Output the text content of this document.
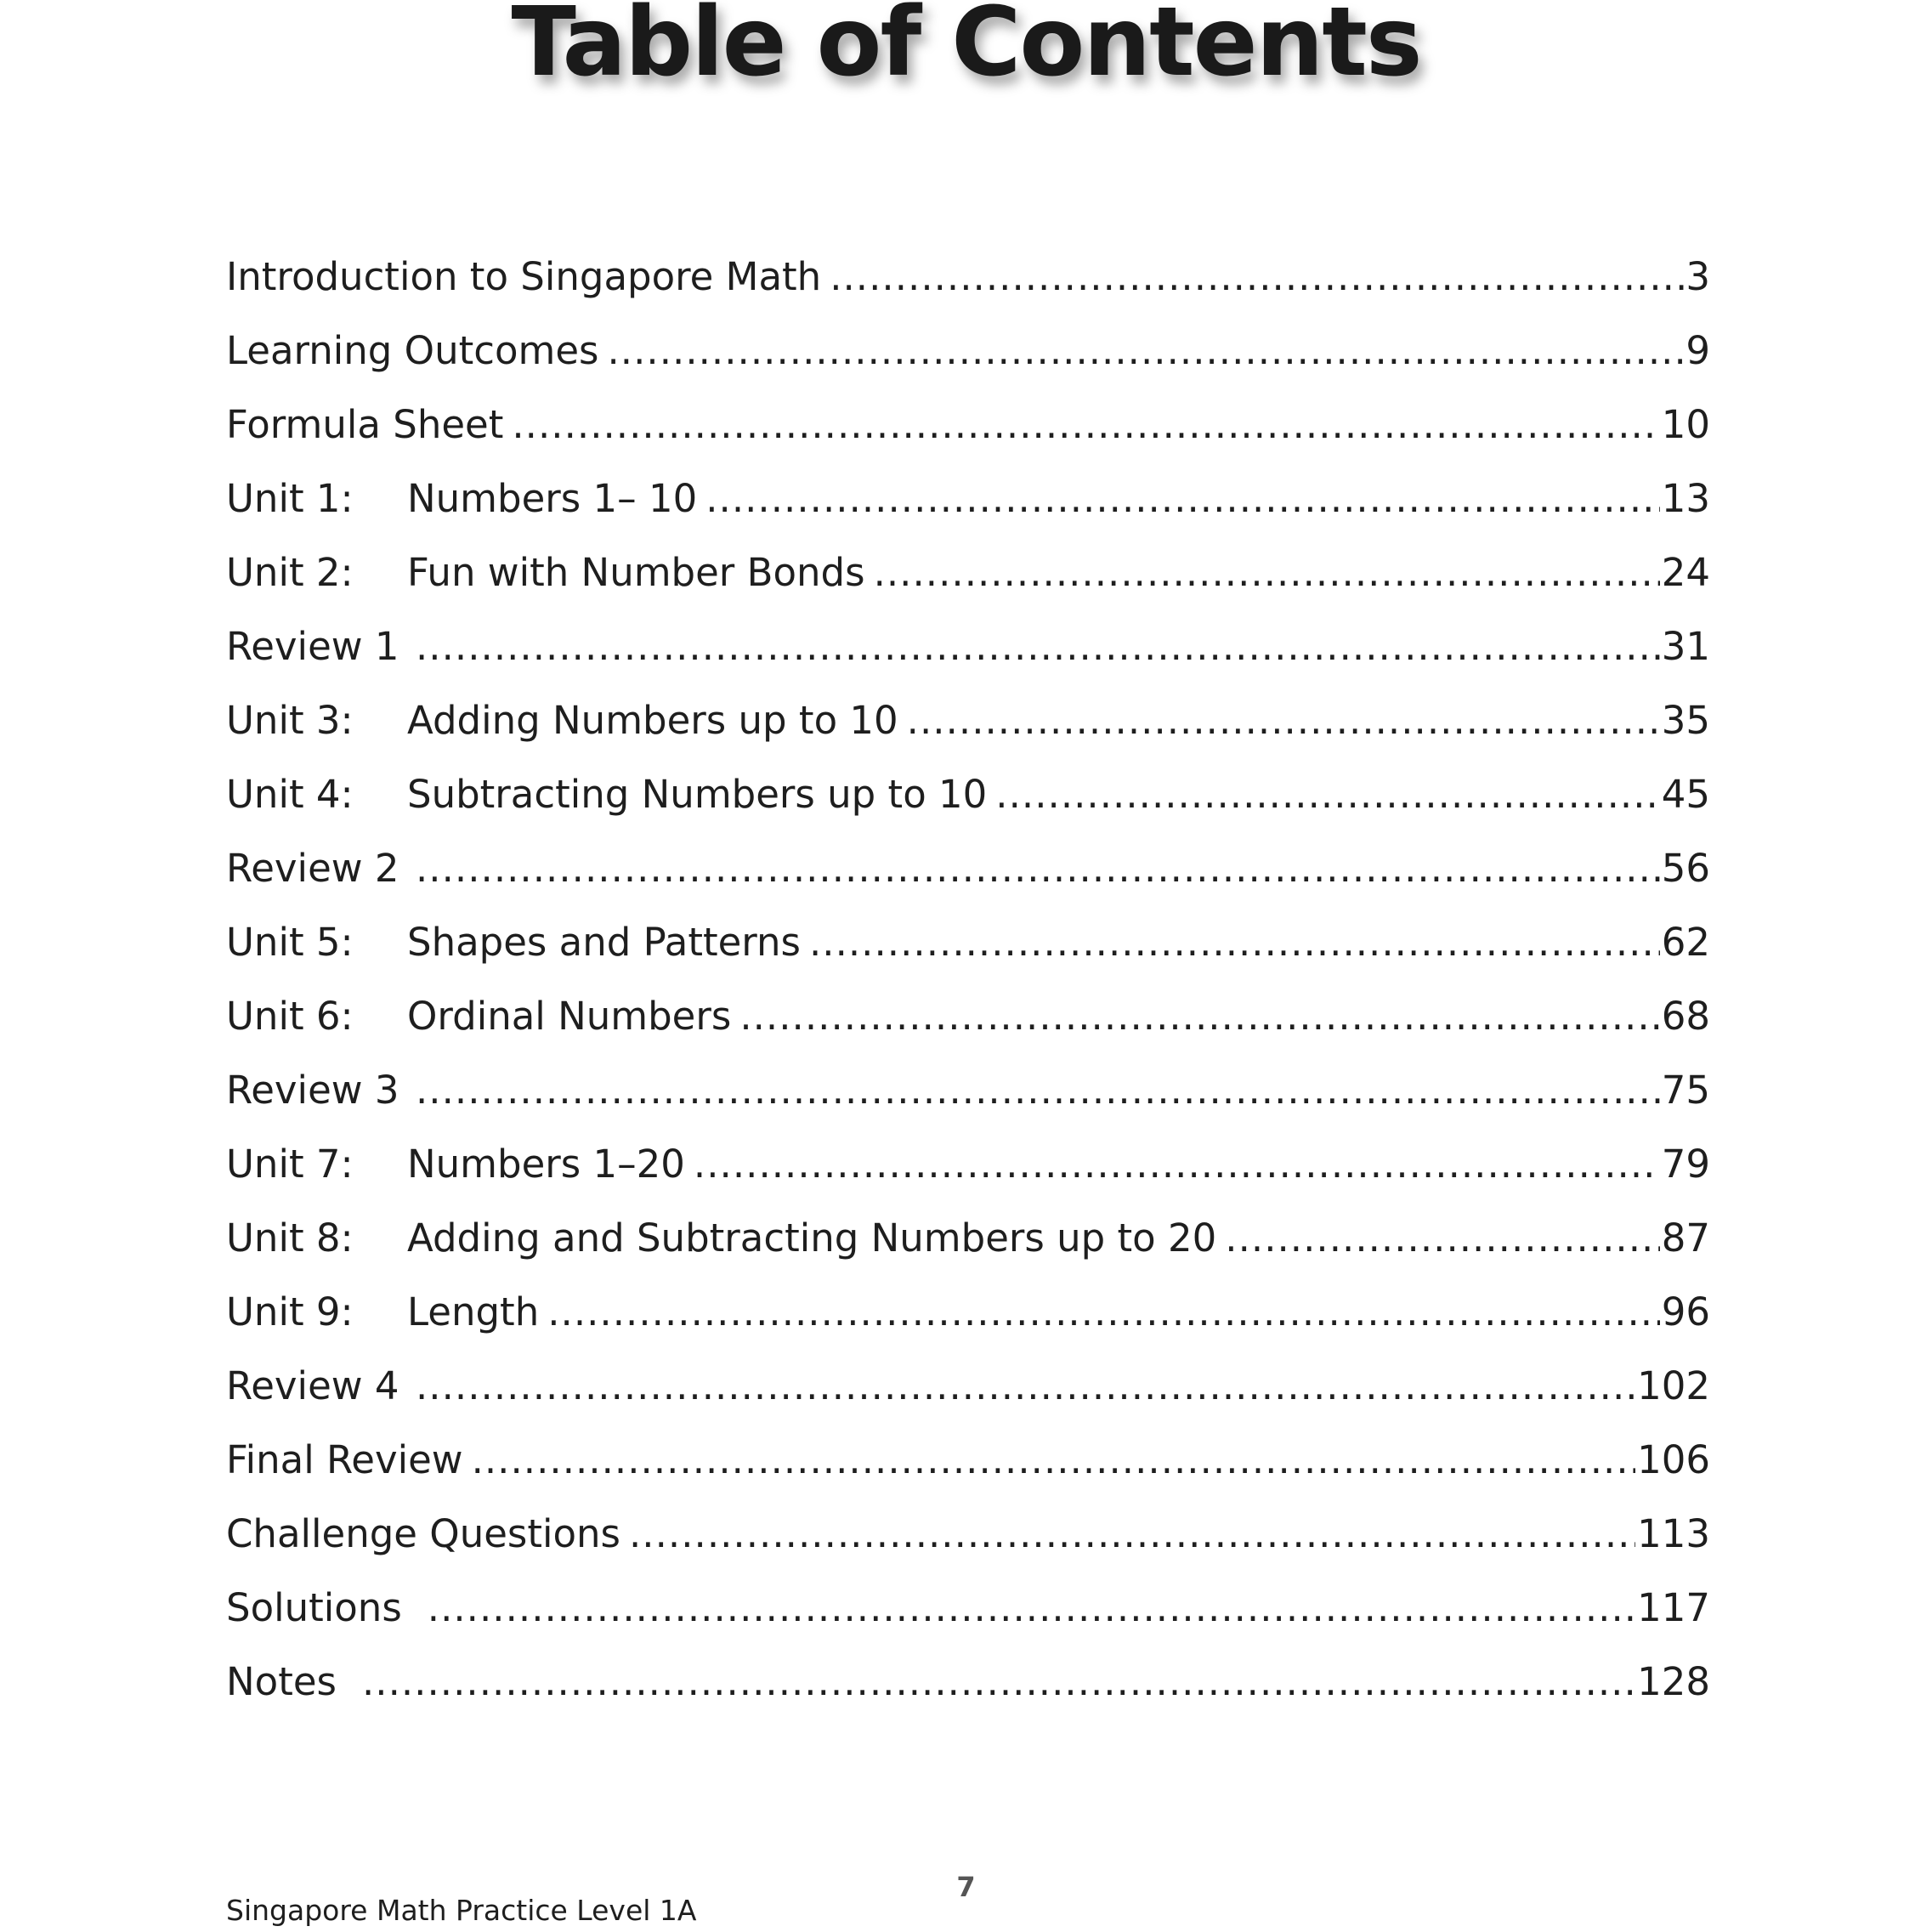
Table of Contents
Introduction to Singapore Math .....	3
Learning Outcomes .....	9
Formula Sheet .....	10
Unit 1:	Numbers 1– 10 .....	13
Unit 2:	Fun with Number Bonds .....	24
Review 1 .....	31
Unit 3:	Adding Numbers up to 10 .....	35
Unit 4:	Subtracting Numbers up to 10 .....	45
Review 2 .....	56
Unit 5:	Shapes and Patterns .....	62
Unit 6:	Ordinal Numbers .....	68
Review 3 .....	75
Unit 7:	Numbers 1–20 .....	79
Unit 8:	Adding and Subtracting Numbers up to 20 .....	87
Unit 9:	Length .....	96
Review 4 .....	102
Final Review .....	106
Challenge Questions .....	113
Solutions .....	117
Notes .....	128
7
Singapore Math Practice Level 1A
